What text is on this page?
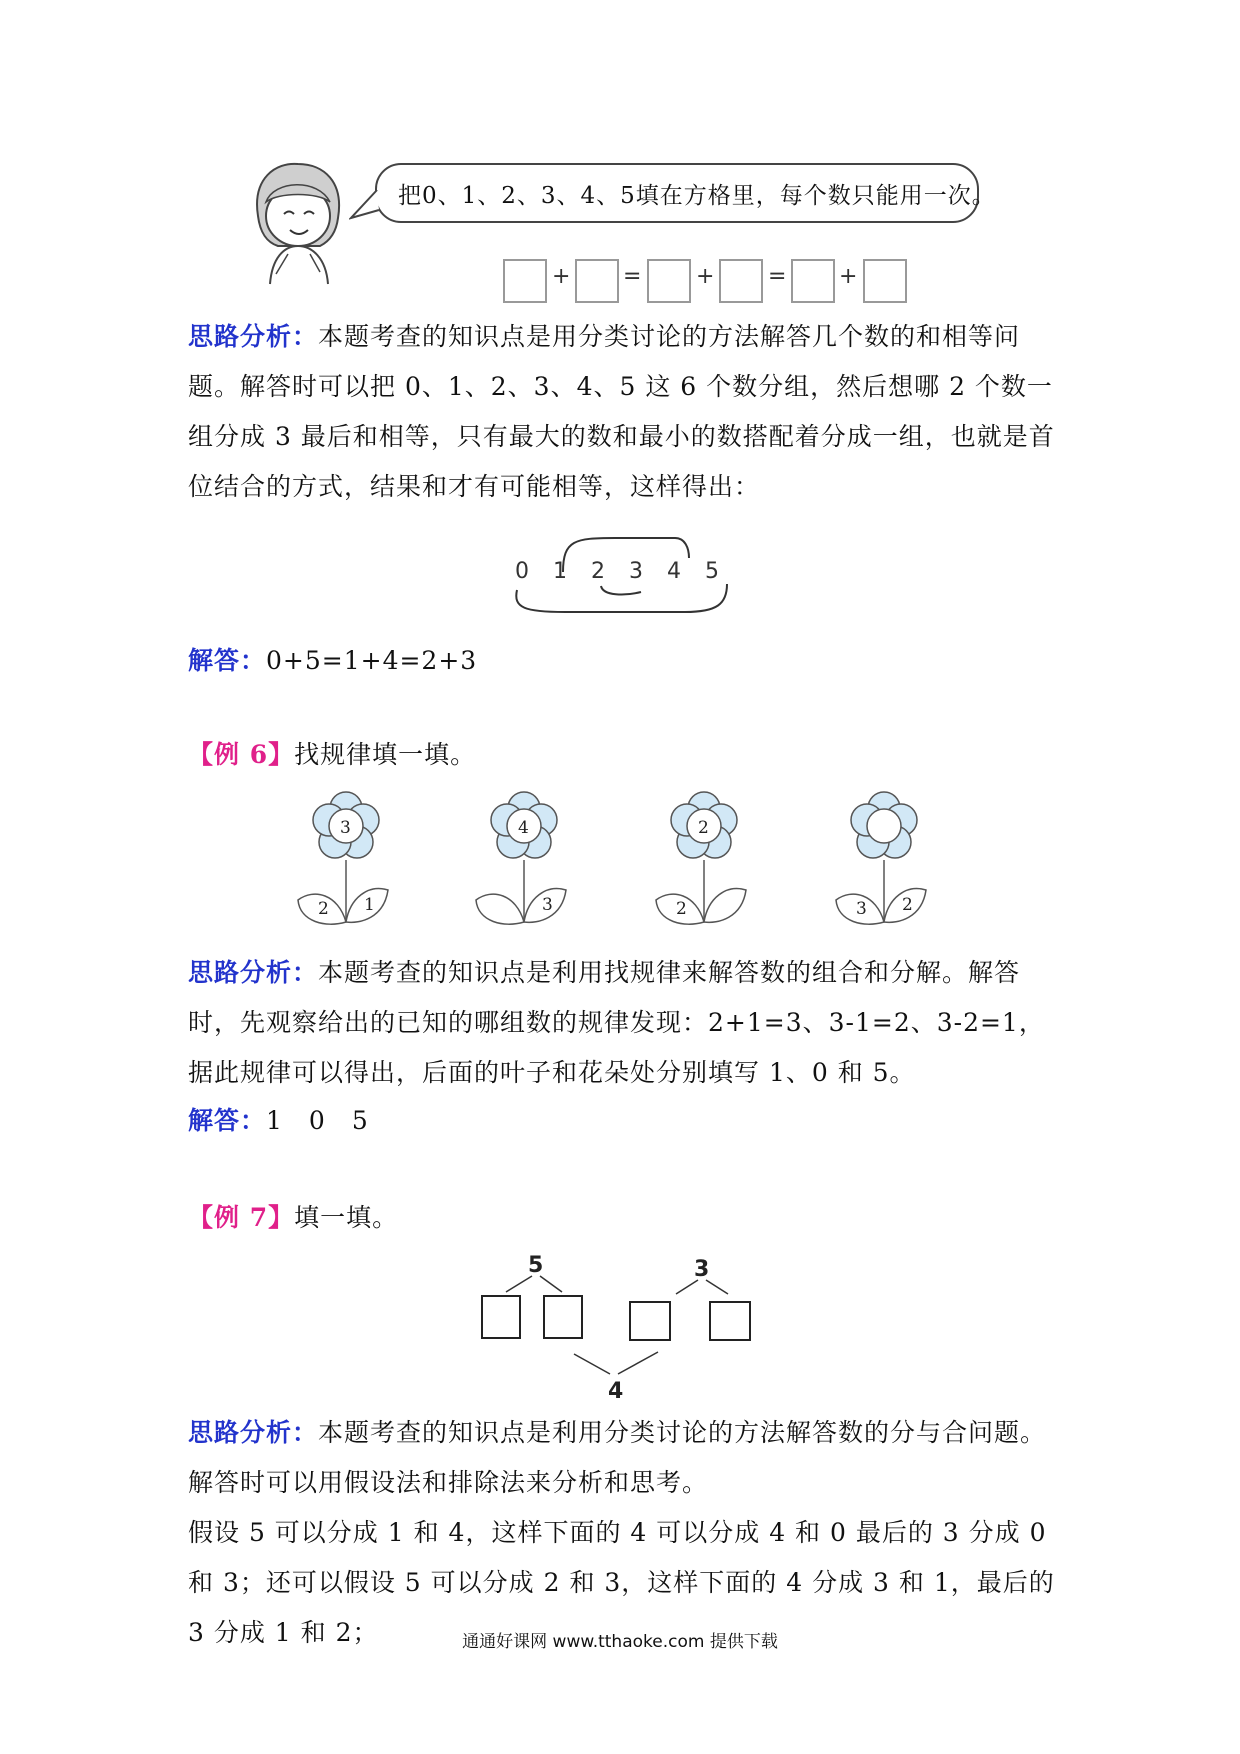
把0、1、2、3、4、5填在方格里，每个数只能用一次。
+ = + = +
思路分析：本题考查的知识点是用分类讨论的方法解答几个数的和相等问题。解答时可以把 0、1、2、3、4、5 这 6 个数分组，然后想哪 2 个数一组分成 3 最后和相等，只有最大的数和最小的数搭配着分成一组，也就是首位结合的方式，结果和才有可能相等，这样得出：
0 1 2 3 4 5
解答：0+5=1+4=2+3
【例 6】找规律填一填。
3
2 1
4
3
2
2	3 2
思路分析：本题考查的知识点是利用找规律来解答数的组合和分解。解答时，先观察给出的已知的哪组数的规律发现：2+1=3、3-1=2、3-2=1，据此规律可以得出，后面的叶子和花朵处分别填写 1、0 和 5。
解答：1　0　5
【例 7】填一填。
5	3
4
思路分析：本题考查的知识点是利用分类讨论的方法解答数的分与合问题。解答时可以用假设法和排除法来分析和思考。
假设 5 可以分成 1 和 4，这样下面的 4 可以分成 4 和 0 最后的 3 分成 0 和 3；还可以假设 5 可以分成 2 和 3，这样下面的 4 分成 3 和 1，最后的 3 分成 1 和 2；	通通好课网 www.tthaoke.com 提供下载
